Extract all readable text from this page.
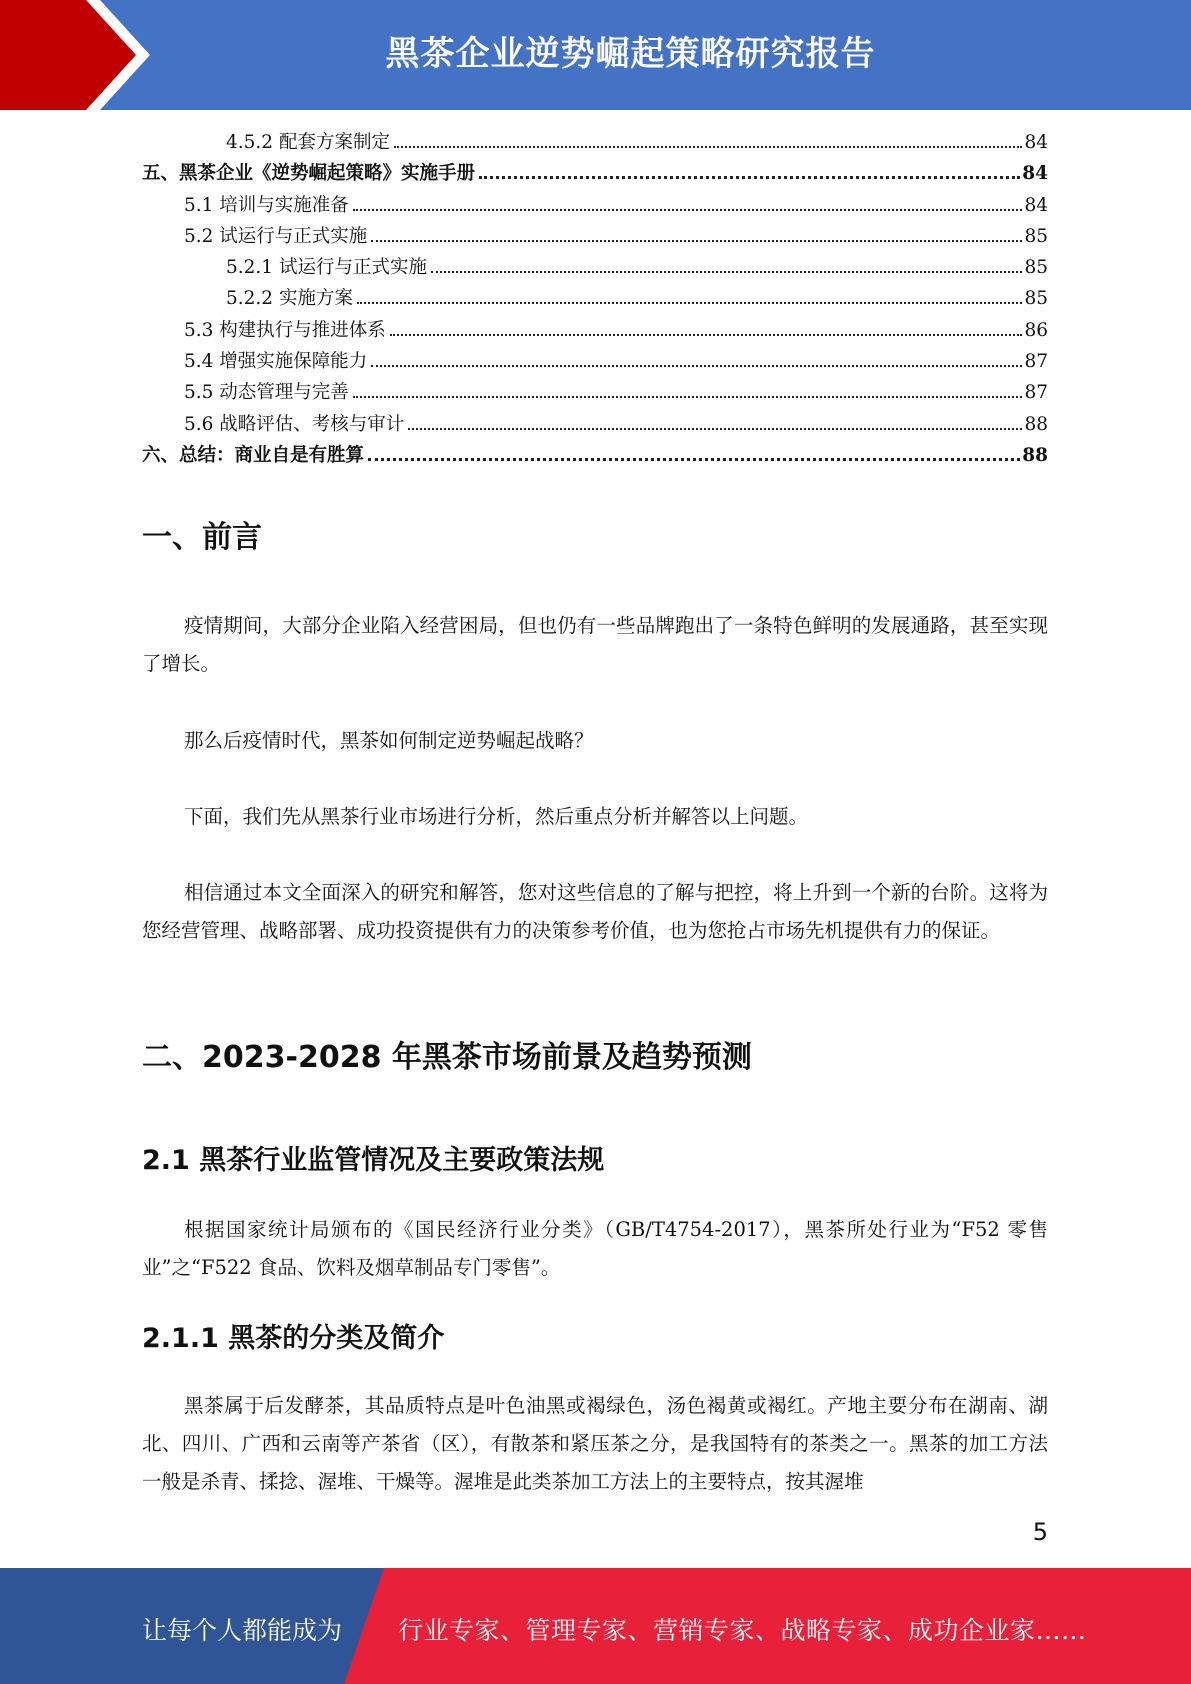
黑茶企业逆势崛起策略研究报告
4.5.2 配套方案制定	84
五、黑茶企业《逆势崛起策略》实施手册	84
5.1 培训与实施准备	84
5.2 试运行与正式实施	85
5.2.1 试运行与正式实施	85
5.2.2 实施方案	85
5.3 构建执行与推进体系	86
5.4 增强实施保障能力	87
5.5 动态管理与完善	87
5.6 战略评估、考核与审计	88
六、总结：商业自是有胜算	88
一、前言
疫情期间，大部分企业陷入经营困局，但也仍有一些品牌跑出了一条特色鲜明的发展通路，甚至实现了增长。
那么后疫情时代，黑茶如何制定逆势崛起战略？
下面，我们先从黑茶行业市场进行分析，然后重点分析并解答以上问题。
相信通过本文全面深入的研究和解答，您对这些信息的了解与把控，将上升到一个新的台阶。这将为您经营管理、战略部署、成功投资提供有力的决策参考价值，也为您抢占市场先机提供有力的保证。
二、2023-2028 年黑茶市场前景及趋势预测
2.1 黑茶行业监管情况及主要政策法规
根据国家统计局颁布的《国民经济行业分类》（GB/T4754-2017），黑茶所处行业为“F52 零售业”之“F522 食品、饮料及烟草制品专门零售”。
2.1.1 黑茶的分类及简介
黑茶属于后发酵茶，其品质特点是叶色油黑或褐绿色，汤色褐黄或褐红。产地主要分布在湖南、湖北、四川、广西和云南等产茶省（区），有散茶和紧压茶之分，是我国特有的茶类之一。黑茶的加工方法一般是杀青、揉捻、渥堆、干燥等。渥堆是此类茶加工方法上的主要特点，按其渥堆
5
让每个人都能成为 行业专家、管理专家、营销专家、战略专家、成功企业家……
